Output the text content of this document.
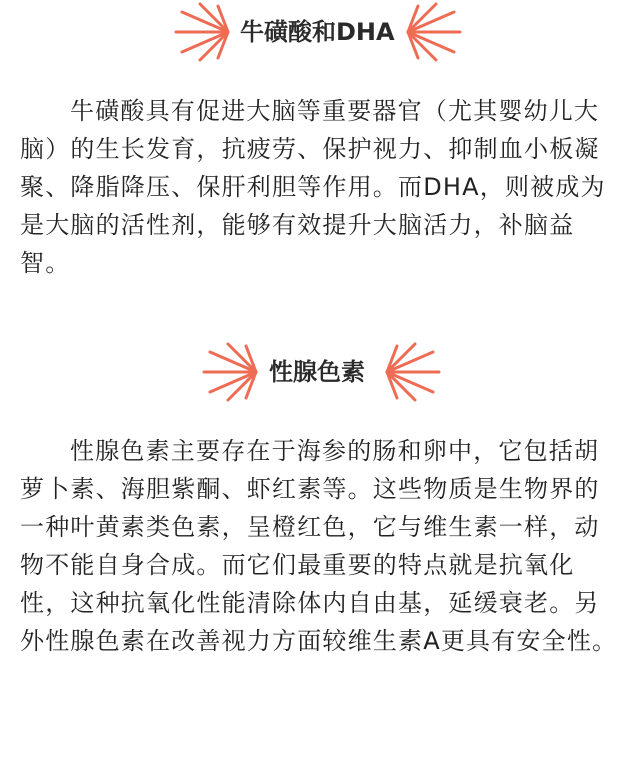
牛磺酸和DHA

牛磺酸具有促进大脑等重要器官（尤其婴幼儿大脑）的生长发育，抗疲劳、保护视力、抑制血小板凝聚、降脂降压、保肝利胆等作用。而DHA，则被成为是大脑的活性剂，能够有效提升大脑活力，补脑益智。

性腺色素

性腺色素主要存在于海参的肠和卵中，它包括胡萝卜素、海胆紫酮、虾红素等。这些物质是生物界的一种叶黄素类色素，呈橙红色，它与维生素一样，动物不能自身合成。而它们最重要的特点就是抗氧化性，这种抗氧化性能清除体内自由基，延缓衰老。另外性腺色素在改善视力方面较维生素A更具有安全性。
